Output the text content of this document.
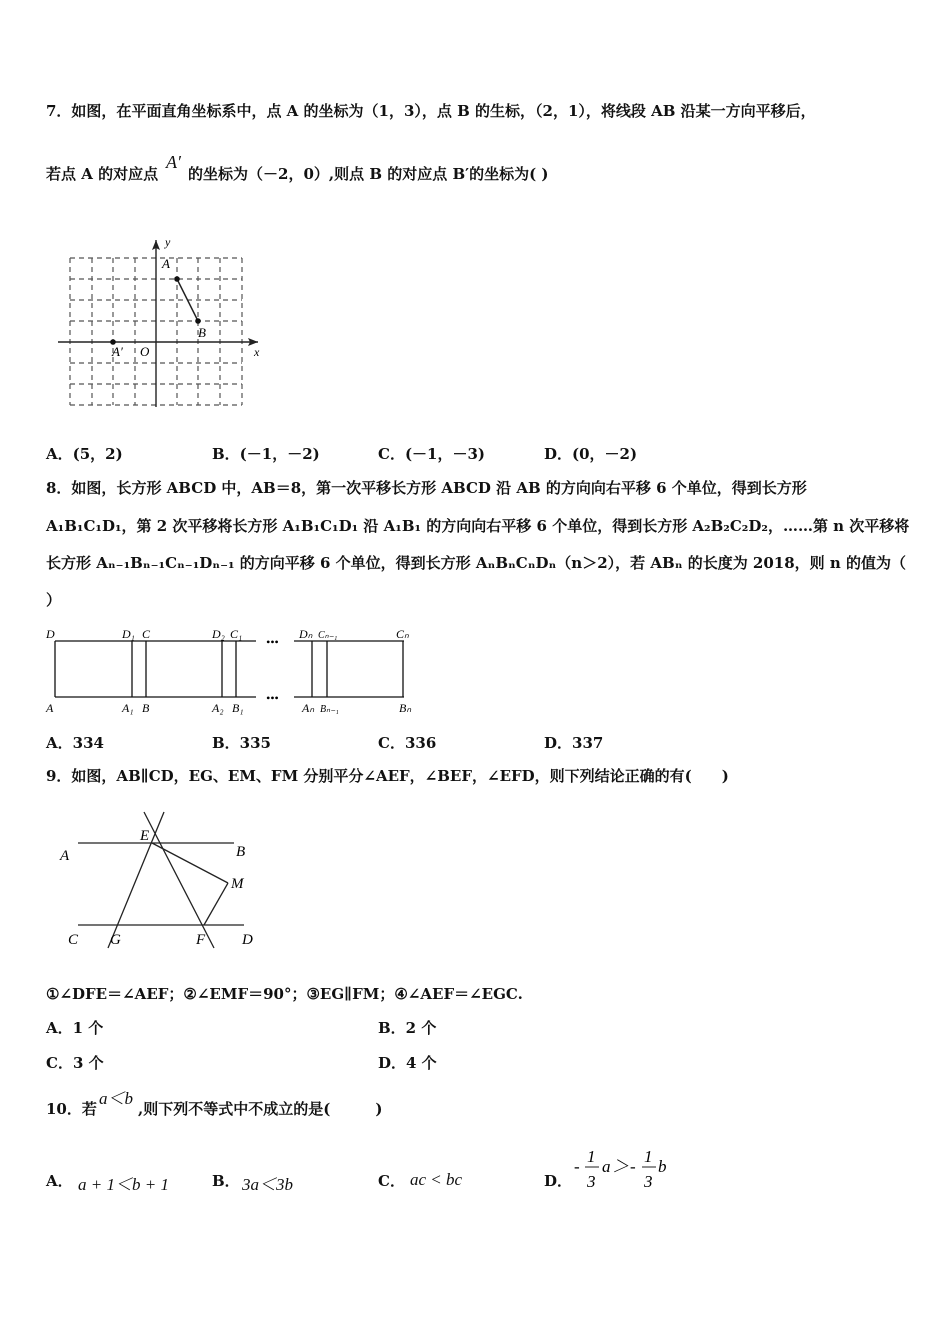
7．如图，在平面直角坐标系中，点 A 的坐标为（1，3），点 B 的生标，（2，1），将线段 AB 沿某一方向平移后，
若点 A 的对应点
A′
的坐标为（－2，0）,则点 B 的对应点 B′的坐标为( )
y
x
A
B
O
A′
A．(5，2)	B．(－1，－2)	C．(－1，－3)	D．(0，－2)
8．如图，长方形 ABCD 中，AB＝8，第一次平移长方形 ABCD 沿 AB 的方向向右平移 6 个单位，得到长方形
A₁B₁C₁D₁，第 2 次平移将长方形 A₁B₁C₁D₁ 沿 A₁B₁ 的方向向右平移 6 个单位，得到长方形 A₂B₂C₂D₂，……第 n 次平移将
长方形 Aₙ₋₁Bₙ₋₁Cₙ₋₁Dₙ₋₁ 的方向平移 6 个单位，得到长方形 AₙBₙCₙDₙ（n＞2），若 ABₙ 的长度为 2018，则 n 的值为（
）
•••
•••
D	D₁ C	D₂ C₁	Dₙ Cₙ₋₁	Cₙ
A	A₁ B	A₂ B₁	Aₙ Bₙ₋₁	Bₙ
A．334	B．335	C．336	D．337
9．如图，AB∥CD，EG、EM、FM 分别平分∠AEF，∠BEF，∠EFD，则下列结论正确的有(　　)
A	B
C	D
E
F
G
M
①∠DFE＝∠AEF；②∠EMF＝90°；③EG∥FM；④∠AEF＝∠EGC.
A．1 个	B．2 个
C．3 个	D．4 个
10．若
a＜b
,则下列不等式中不成立的是(　　　)
A． a + 1＜b + 1	B． 3a＜3b	C． ac < bc	D．
-
1
3
a ＞ -
1
3
b
